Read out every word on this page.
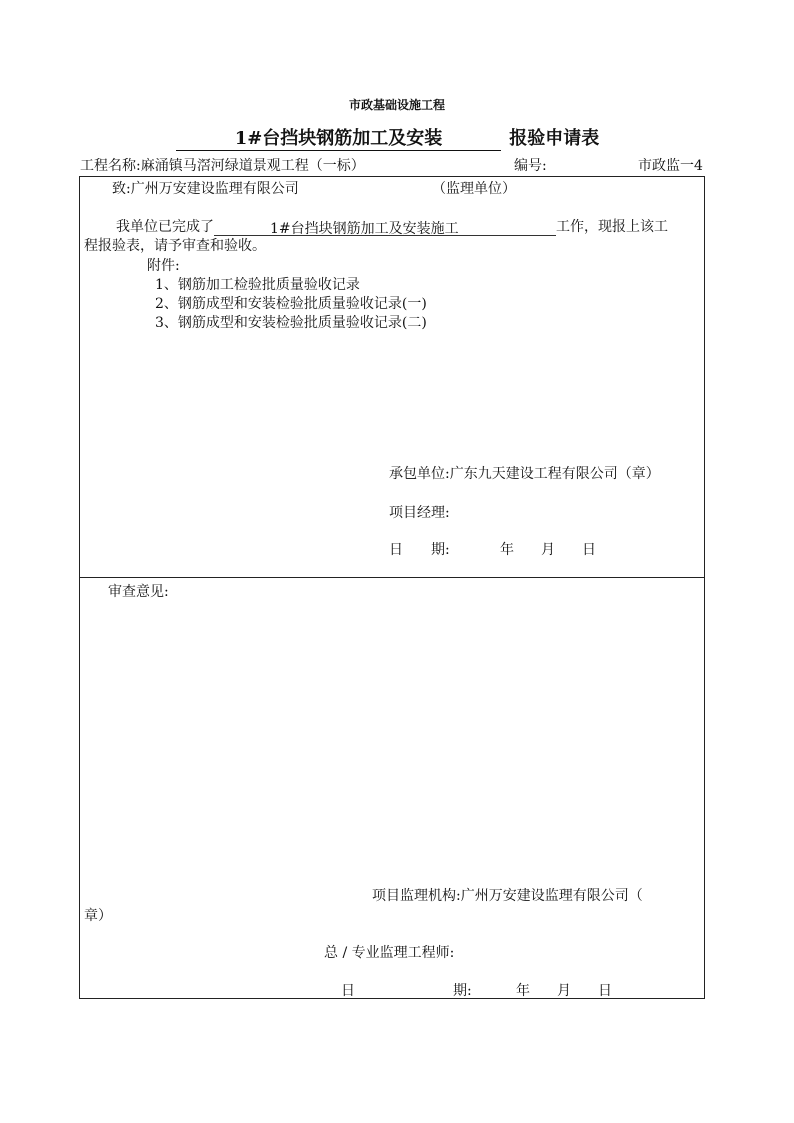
市政基础设施工程
1#台挡块钢筋加工及安装	报验申请表
工程名称:麻涌镇马滘河绿道景观工程（一标）	编号:	市政监一4
致:广州万安建设监理有限公司	（监理单位）
我单位已完成了	1#台挡块钢筋加工及安装施工	工作，现报上该工
程报验表，请予审查和验收。
附件:
1、钢筋加工检验批质量验收记录
2、钢筋成型和安装检验批质量验收记录(一)
3、钢筋成型和安装检验批质量验收记录(二)
承包单位:广东九天建设工程有限公司（章）
项目经理:
日　　期:	年 月 日
审查意见:
项目监理机构:广州万安建设监理有限公司（
章）
总 / 专业监理工程师:
日	期:	年 月 日
